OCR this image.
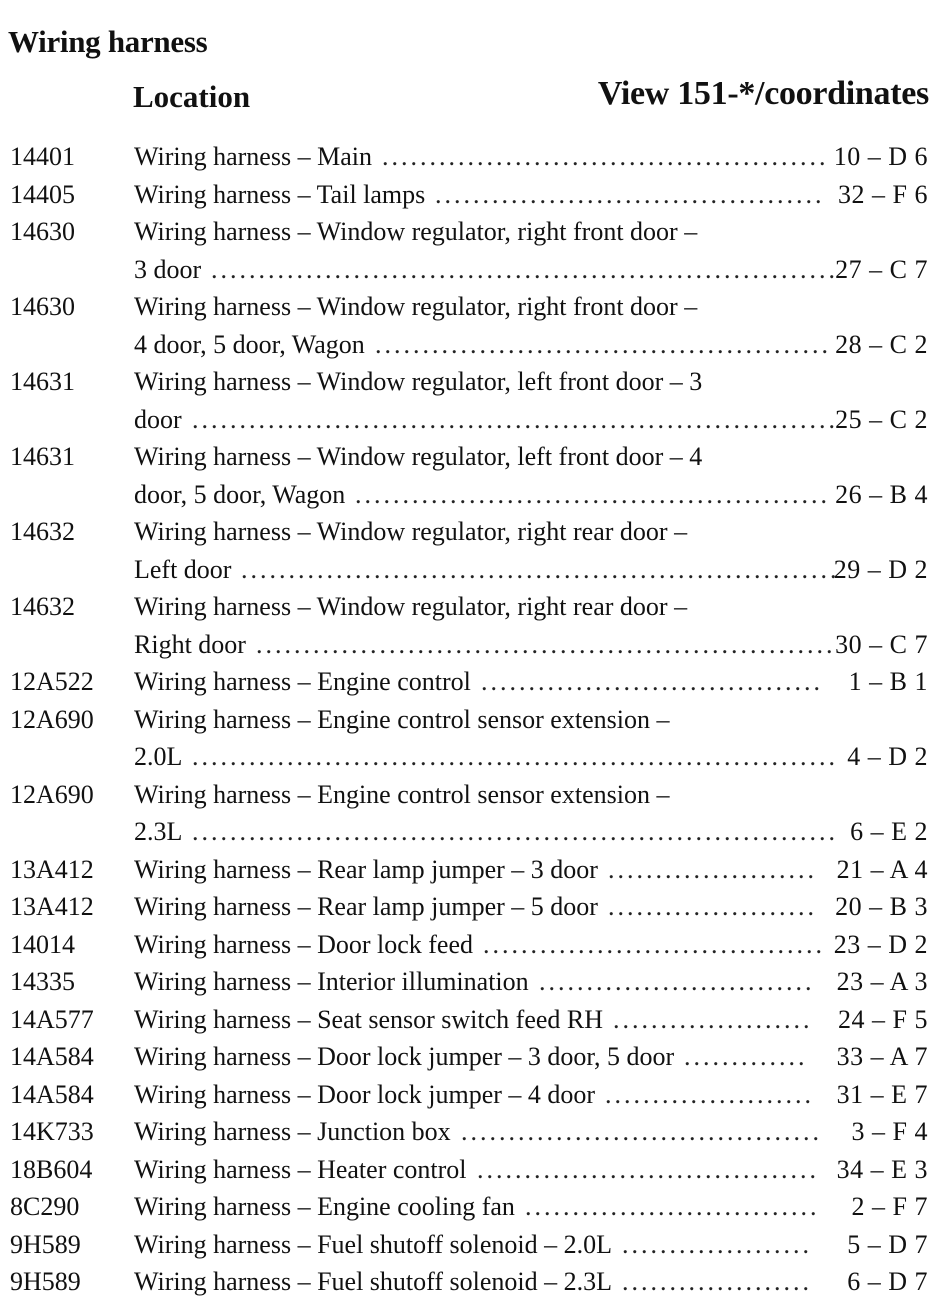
Wiring harness
Location	View 151-*/coordinates
14401 Wiring harness – Main ............................................... 10 – D 6
14405 Wiring harness – Tail lamps ......................................... 32 – F 6
14630 Wiring harness – Window regulator, right front door –
3 door ..................................................................
27 – C 7
14630 Wiring harness – Window regulator, right front door –
4 door, 5 door, Wagon ................................................ 28 – C 2
14631 Wiring harness – Window regulator, left front door – 3
door ....................................................................
25 – C 2
14631 Wiring harness – Window regulator, left front door – 4
door, 5 door, Wagon .................................................. 26 – B 4
14632 Wiring harness – Window regulator, right rear door –
Left door ...............................................................
29 – D 2
14632 Wiring harness – Window regulator, right rear door –
Right door ............................................................. 30 – C 7
12A522 Wiring harness – Engine control .................................... 1 – B 1
12A690 Wiring harness – Engine control sensor extension –
2.0L .................................................................... 4 – D 2
12A690 Wiring harness – Engine control sensor extension –
2.3L .................................................................... 6 – E 2
13A412 Wiring harness – Rear lamp jumper – 3 door ...................... 21 – A 4
13A412 Wiring harness – Rear lamp jumper – 5 door ...................... 20 – B 3
14014 Wiring harness – Door lock feed .................................... 23 – D 2
14335 Wiring harness – Interior illumination ............................. 23 – A 3
14A577 Wiring harness – Seat sensor switch feed RH ..................... 24 – F 5
14A584 Wiring harness – Door lock jumper – 3 door, 5 door ............. 33 – A 7
14A584 Wiring harness – Door lock jumper – 4 door ...................... 31 – E 7
14K733 Wiring harness – Junction box ...................................... 3 – F 4
18B604 Wiring harness – Heater control .................................... 34 – E 3
8C290 Wiring harness – Engine cooling fan ............................... 2 – F 7
9H589 Wiring harness – Fuel shutoff solenoid – 2.0L .................... 5 – D 7
9H589 Wiring harness – Fuel shutoff solenoid – 2.3L .................... 6 – D 7
